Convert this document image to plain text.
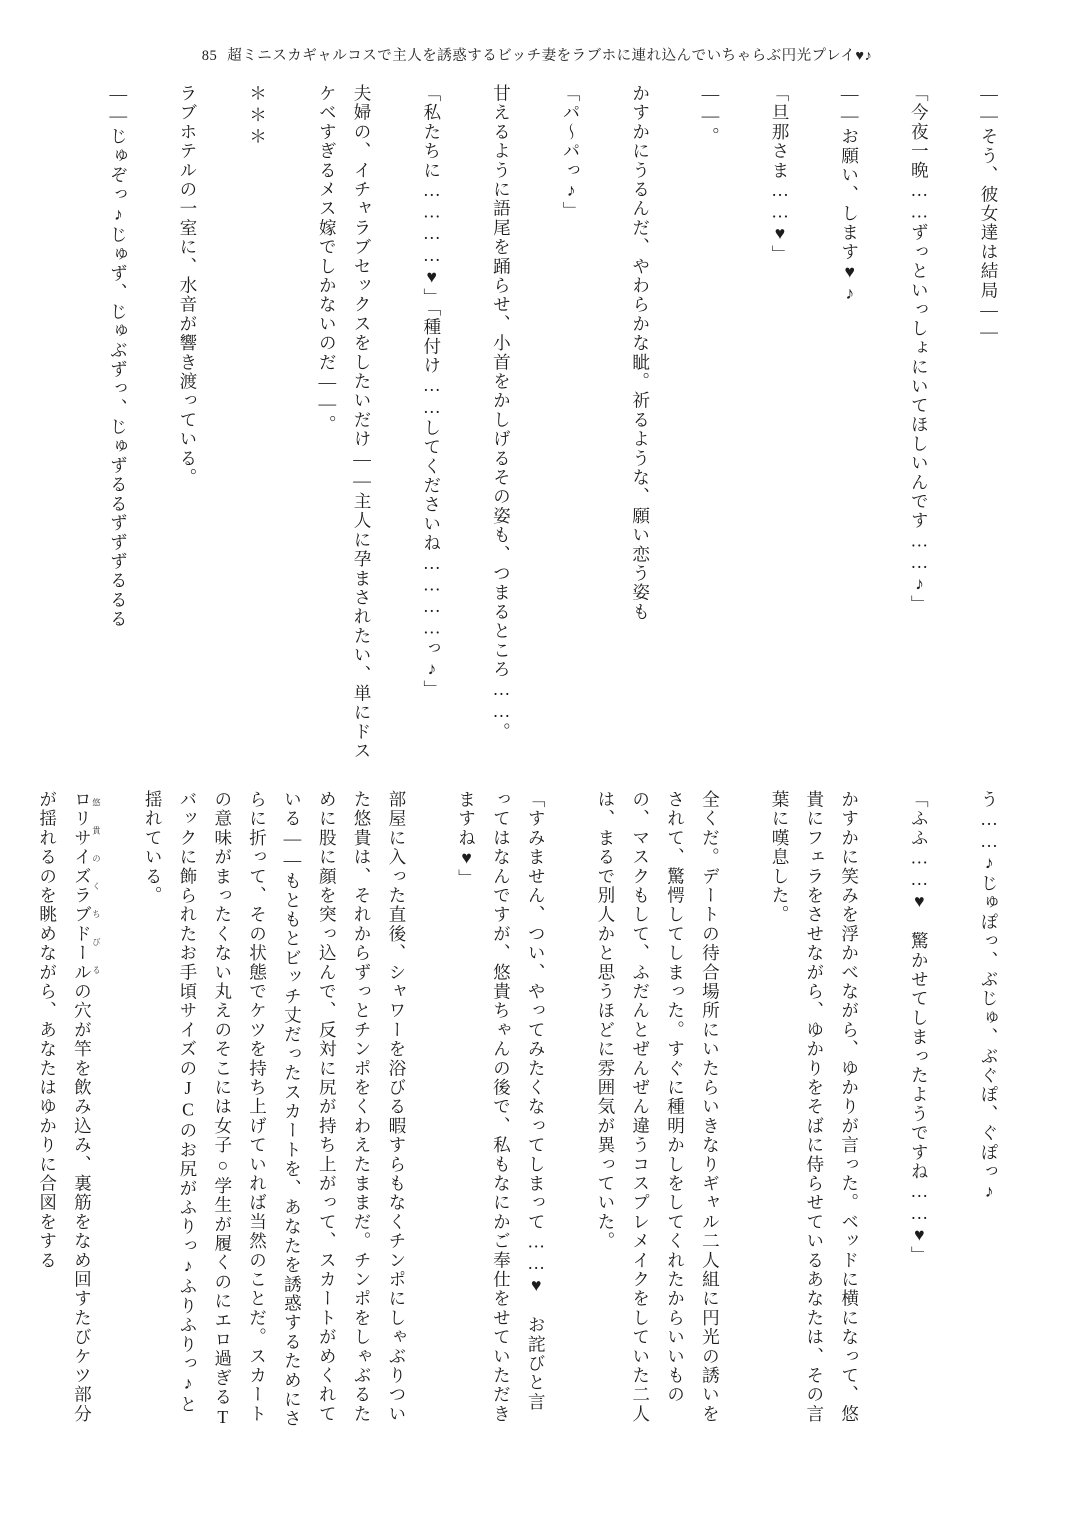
85 超ミニスカギャルコスで主人を誘惑するビッチ妻をラブホに連れ込んでいちゃらぶ円光プレイ♥♪

――そう、彼女達は結局――

「今夜一晩……ずっといっしょにいてほしいんです……♪」

――お願い、します♥♪

「旦那さま……♥」

――。

かすかにうるんだ、やわらかな眦。祈るような、願い恋う姿も

「パ～パっ♪」

甘えるように語尾を踊らせ、小首をかしげるその姿も、つまるところ……。

「私たちに…………♥」「種付け……してくださいね…………っ♪」

夫婦の、イチャラブセックスをしたいだけ――主人に孕まされたい、単にドスケベすぎるメス嫁でしかないのだ――。

＊＊＊

ラブホテルの一室に、水音が響き渡っている。

――じゅぞっ♪じゅず、じゅぶずっ、じゅずるるずずずるるる

う……♪じゅぽっ、ぶじゅ、ぶぐぽ、ぐぽっ♪

「ふふ……♥　驚かせてしまったようですね……♥」

かすかに笑みを浮かべながら、ゆかりが言った。ベッドに横になって、悠貴にフェラをさせながら、ゆかりをそばに侍らせているあなたは、その言葉に嘆息した。

全くだ。デートの待合場所にいたらいきなりギャル二人組に円光の誘いをされて、驚愕してしまった。すぐに種明かしをしてくれたからいいものの、マスクもして、ふだんとぜんぜん違うコスプレメイクをしていた二人は、まるで別人かと思うほどに雰囲気が異っていた。

「すみません、つい、やってみたくなってしまって……♥　お詫びと言ってはなんですが、悠貴ちゃんの後で、私もなにかご奉仕をせていただきますね♥」

部屋に入った直後、シャワーを浴びる暇すらもなくチンポにしゃぶりついた悠貴は、それからずっとチンポをくわえたままだ。チンポをしゃぶるために股に顔を突っ込んで、反対に尻が持ち上がって、スカートがめくれている――もともとビッチ丈だったスカートを、あなたを誘惑するためにさらに折って、その状態でケツを持ち上げていれば当然のことだ。スカートの意味がまったくない丸えのそこには女子○学生が履くのにエロ過ぎるTバックに飾られたお手頃サイズのJCのお尻がふりっ♪ふりふりっ♪と揺れている。

ロリサイズラブドール 悠貴のくちびるの穴が竿を飲み込み、裏筋をなめ回すたびケツ部分が揺れるのを眺めながら、あなたはゆかりに合図をする
